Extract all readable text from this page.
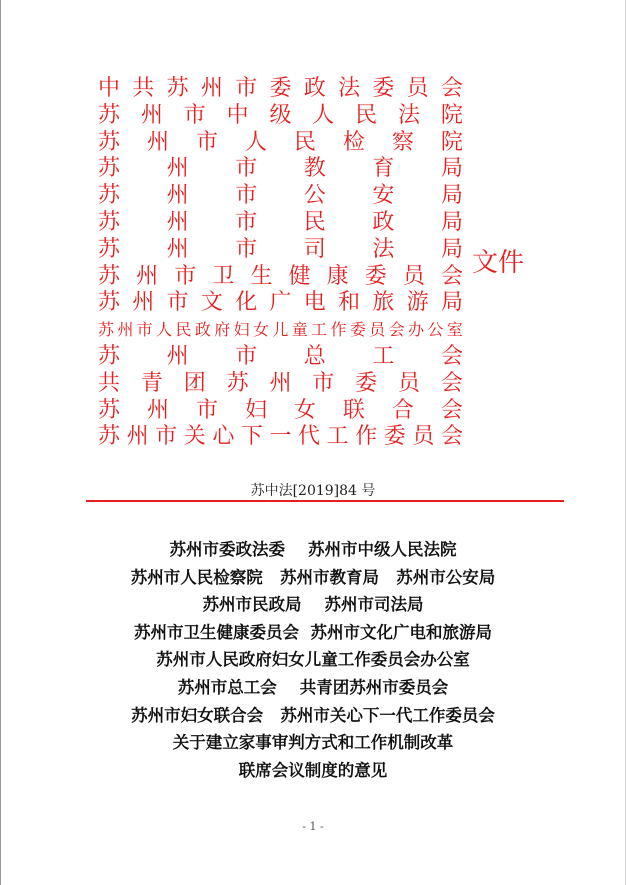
中 共 苏 州 市 委 政 法 委 员 会
苏 州 市 中 级 人 民 法 院
苏 州 市 人 民 检 察 院
苏 州 市 教 育 局
苏 州 市 公 安 局
苏 州 市 民 政 局
苏 州 市 司 法 局
苏 州 市 卫 生 健 康 委 员 会
苏 州 市 文 化 广 电 和 旅 游 局
苏 州 市 人 民 政 府 妇 女 儿 童 工 作 委 员 会 办 公 室
苏 州 市 总 工 会
共 青 团 苏 州 市 委 员 会
苏 州 市 妇 女 联 合 会
苏 州 市 关 心 下 一 代 工 作 委 员 会
文件
苏中法[2019]84 号
苏州市委政法委    苏州市中级人民法院
苏州市人民检察院   苏州市教育局   苏州市公安局
苏州市民政局    苏州市司法局
苏州市卫生健康委员会  苏州市文化广电和旅游局
苏州市人民政府妇女儿童工作委员会办公室
苏州市总工会    共青团苏州市委员会
苏州市妇女联合会   苏州市关心下一代工作委员会
关于建立家事审判方式和工作机制改革
联席会议制度的意见
- 1 -
